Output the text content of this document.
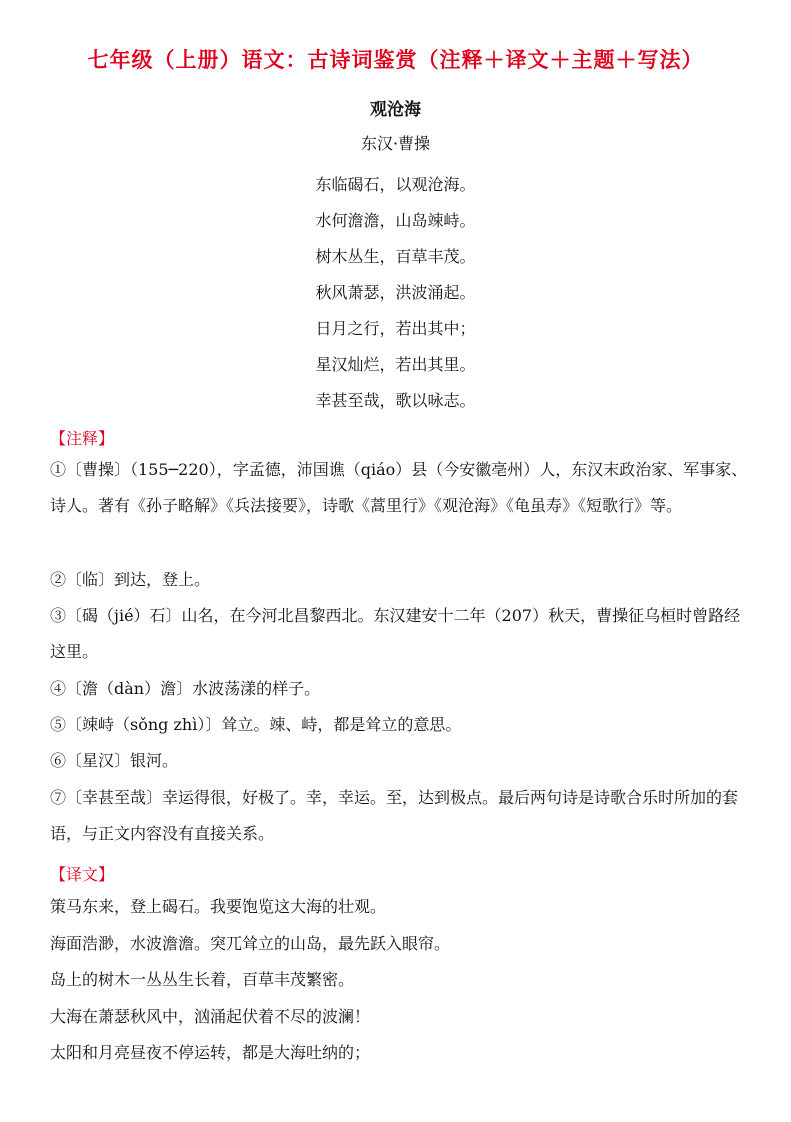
七年级（上册）语文：古诗词鉴赏（注释＋译文＋主题＋写法）
观沧海
东汉·曹操
东临碣石，以观沧海。
水何澹澹，山岛竦峙。
树木丛生，百草丰茂。
秋风萧瑟，洪波涌起。
日月之行，若出其中；
星汉灿烂，若出其里。
幸甚至哉，歌以咏志。
【注释】

①〔曹操〕（155─220），字孟德，沛国谯（qiáo）县（今安徽亳州）人，东汉末政治家、军事家、诗人。著有《孙子略解》《兵法接要》，诗歌《蒿里行》《观沧海》《龟虽寿》《短歌行》等。

②〔临〕到达，登上。

③〔碣（jié）石〕山名，在今河北昌黎西北。东汉建安十二年（207）秋天，曹操征乌桓时曾路经这里。

④〔澹（dàn）澹〕水波荡漾的样子。

⑤〔竦峙（sǒng zhì）〕耸立。竦、峙，都是耸立的意思。

⑥〔星汉〕银河。

⑦〔幸甚至哉〕幸运得很，好极了。幸，幸运。至，达到极点。最后两句诗是诗歌合乐时所加的套语，与正文内容没有直接关系。

【译文】

策马东来，登上碣石。我要饱览这大海的壮观。

海面浩渺，水波澹澹。突兀耸立的山岛，最先跃入眼帘。

岛上的树木一丛丛生长着，百草丰茂繁密。

大海在萧瑟秋风中，汹涌起伏着不尽的波澜！

太阳和月亮昼夜不停运转，都是大海吐纳的；
